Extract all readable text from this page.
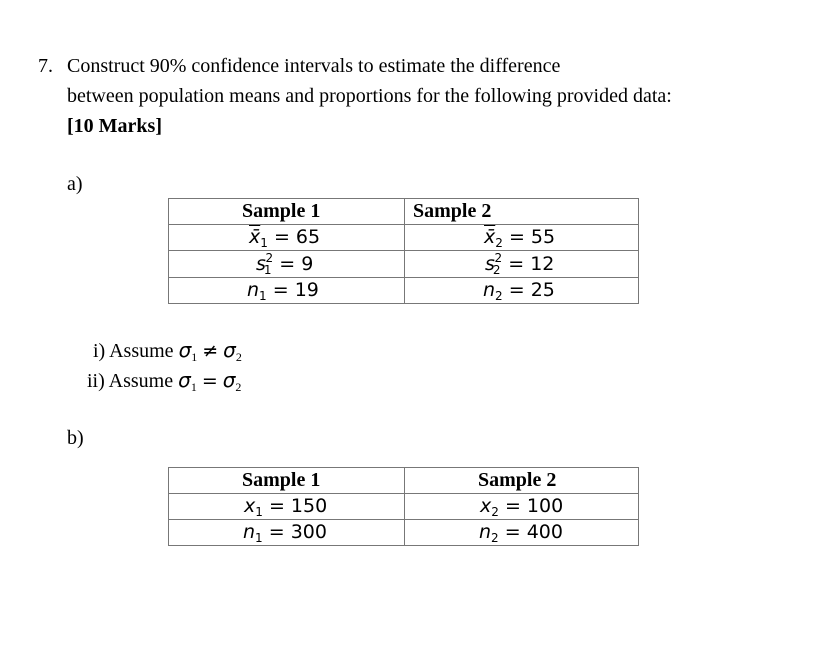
7. Construct 90% confidence intervals to estimate the difference
between population means and proportions for the following provided data:
[10 Marks]
a)
Sample 1	Sample 2
$x̄_1 = 65$	$x̄_2 = 55$
$s_1^2 = 9$	$s_2^2 = 12$
$n_1 = 19$	$n_2 = 25$
i) Assume $\sigma_1 \ne \sigma_2$
ii) Assume $\sigma_1 = \sigma_2$
b)
Sample 1	Sample 2
$x_1 = 150$	$x_2 = 100$
$n_1 = 300$	$n_2 = 400$
